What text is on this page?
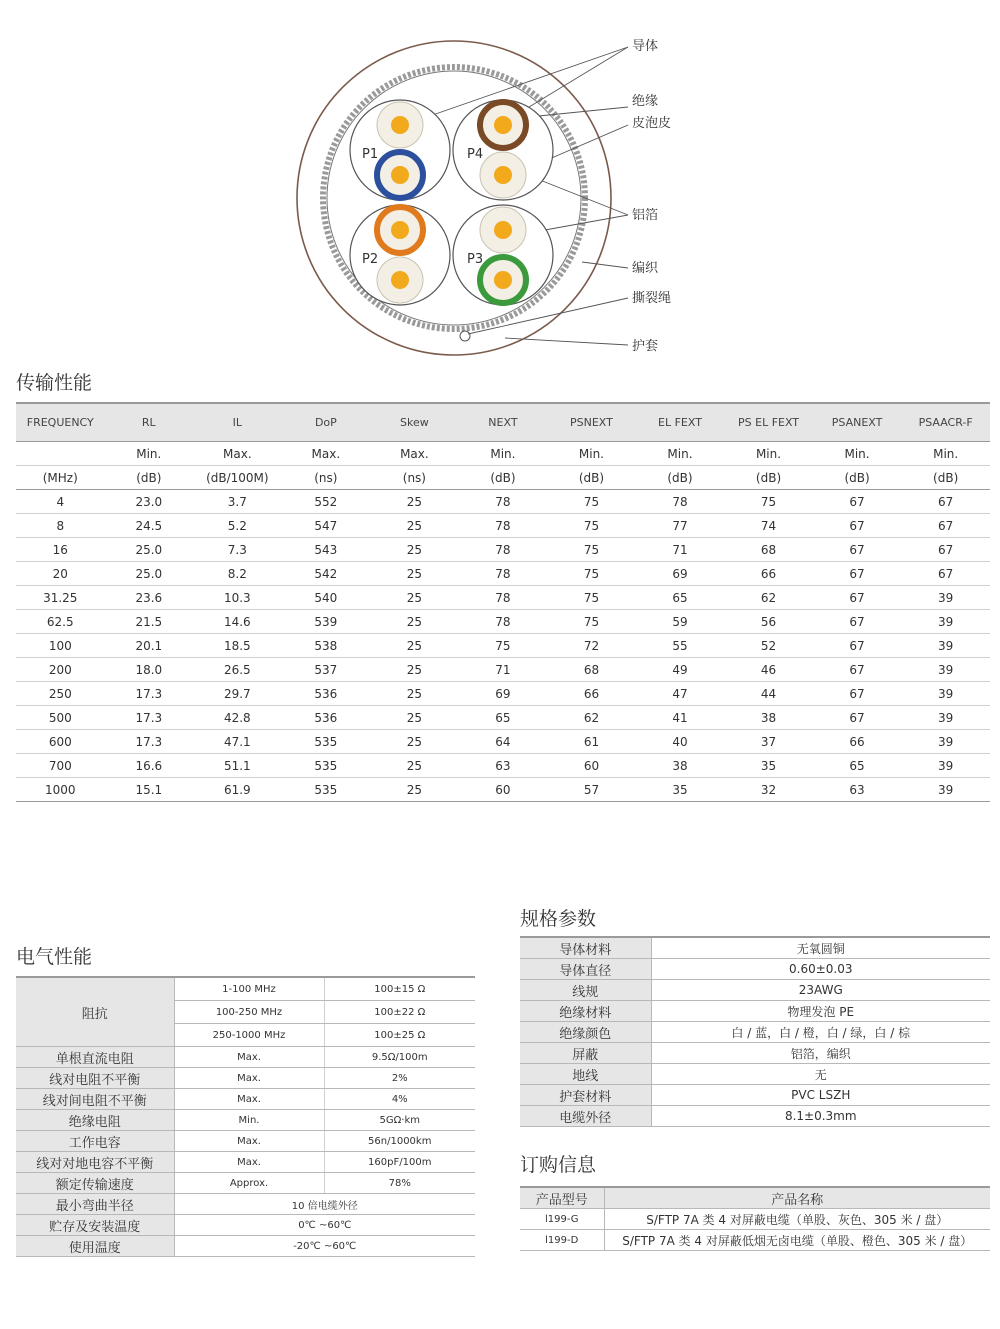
P1	P4
P2	P3
导体
绝缘
皮泡皮
铝箔
编织
撕裂绳
护套
传输性能
FREQUENCY	RL	IL	DoP	Skew	NEXT	PSNEXT	EL FEXT	PS EL FEXT	PSANEXT	PSAACR-F
	Min.	Max.	Max.	Max.	Min.	Min.	Min.	Min.	Min.	Min.
(MHz)	(dB)	(dB/100M)	(ns)	(ns)	(dB)	(dB)	(dB)	(dB)	(dB)	(dB)
4	23.0	3.7	552	25	78	75	78	75	67	67
8	24.5	5.2	547	25	78	75	77	74	67	67
16	25.0	7.3	543	25	78	75	71	68	67	67
20	25.0	8.2	542	25	78	75	69	66	67	67
31.25	23.6	10.3	540	25	78	75	65	62	67	39
62.5	21.5	14.6	539	25	78	75	59	56	67	39
100	20.1	18.5	538	25	75	72	55	52	67	39
200	18.0	26.5	537	25	71	68	49	46	67	39
250	17.3	29.7	536	25	69	66	47	44	67	39
500	17.3	42.8	536	25	65	62	41	38	67	39
600	17.3	47.1	535	25	64	61	40	37	66	39
700	16.6	51.1	535	25	63	60	38	35	65	39
1000	15.1	61.9	535	25	60	57	35	32	63	39
电气性能
阻抗	1-100 MHz	100±15 Ω
	100-250 MHz	100±22 Ω
	250-1000 MHz	100±25 Ω
单根直流电阻	Max.	9.5Ω/100m
线对电阻不平衡	Max.	2%
线对间电阻不平衡	Max.	4%
绝缘电阻	Min.	5GΩ·km
工作电容	Max.	56n/1000km
线对对地电容不平衡	Max.	160pF/100m
额定传输速度	Approx.	78%
最小弯曲半径	10 倍电缆外径	
贮存及安装温度	0℃ ~60℃	
使用温度	-20℃ ~60℃	
规格参数
导体材料	无氧圆铜
导体直径	0.60±0.03
线规	23AWG
绝缘材料	物理发泡 PE
绝缘颜色	白 / 蓝，白 / 橙，白 / 绿，白 / 棕
屏蔽	铝箔，编织
地线	无
护套材料	PVC LSZH
电缆外径	8.1±0.3mm
订购信息
产品型号	产品名称
l199-G	S/FTP 7A 类 4 对屏蔽电缆（单股、灰色、305 米 / 盘）
l199-D	S/FTP 7A 类 4 对屏蔽低烟无卤电缆（单股、橙色、305 米 / 盘）
